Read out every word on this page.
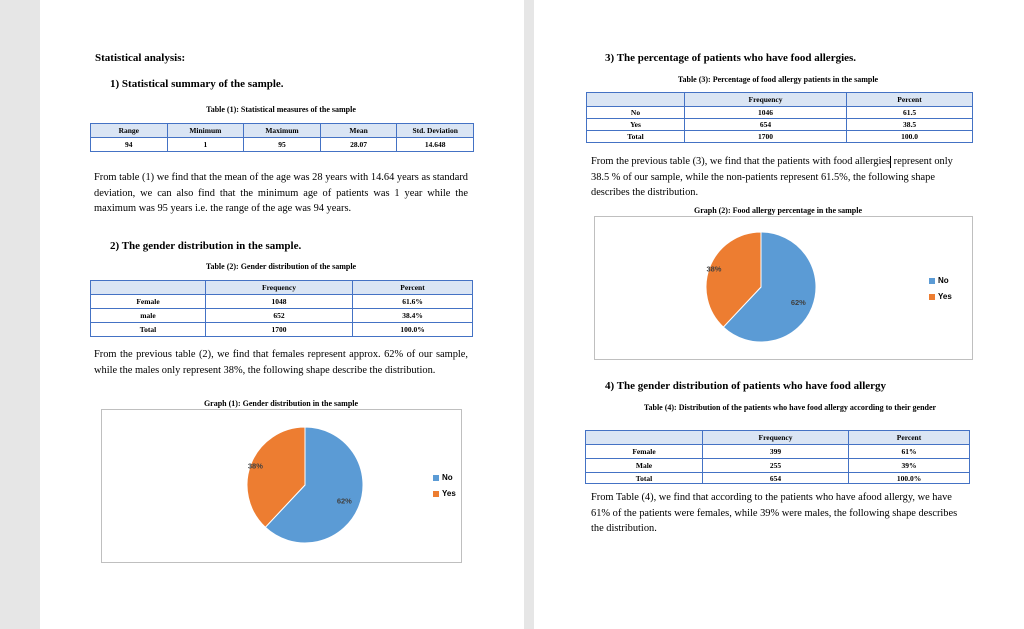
Statistical analysis:
1) Statistical summary of the sample.
Table (1): Statistical measures of the sample
Range	Minimum	Maximum	Mean	Std. Deviation
94	1	95	28.07	14.648
From table (1) we find that the mean of the age was 28 years with 14.64 years as standard deviation, we can also find that the minimum age of patients was 1 year while the maximum was 95 years i.e. the range of the age was 94 years.
2) The gender distribution in the sample.
Table (2): Gender distribution of the sample
	Frequency	Percent
Female	1048	61.6%
male	652	38.4%
Total	1700	100.0%
From the previous table (2), we find that females represent approx. 62% of our sample, while the males only represent 38%, the following shape describe the distribution.
Graph (1): Gender distribution in the sample
62%
38%
No
Yes
3) The percentage of patients who have food allergies.
Table (3): Percentage of food allergy patients in the sample
	Frequency	Percent
No	1046	61.5
Yes	654	38.5
Total	1700	100.0
From the previous table (3), we find that the patients with food allergies represent only 38.5 % of our sample, while the non-patients represent 61.5%, the following shape describes the distribution.
Graph (2): Food allergy percentage in the sample
62%
38%
No
Yes
4) The gender distribution of patients who have food allergy
Table (4): Distribution of the patients who have food allergy according to their gender
	Frequency	Percent
Female	399	61%
Male	255	39%
Total	654	100.0%
From Table (4), we find that according to the patients who have afood allergy, we have 61% of the patients were females, while 39% were males, the following shape describes the distribution.
